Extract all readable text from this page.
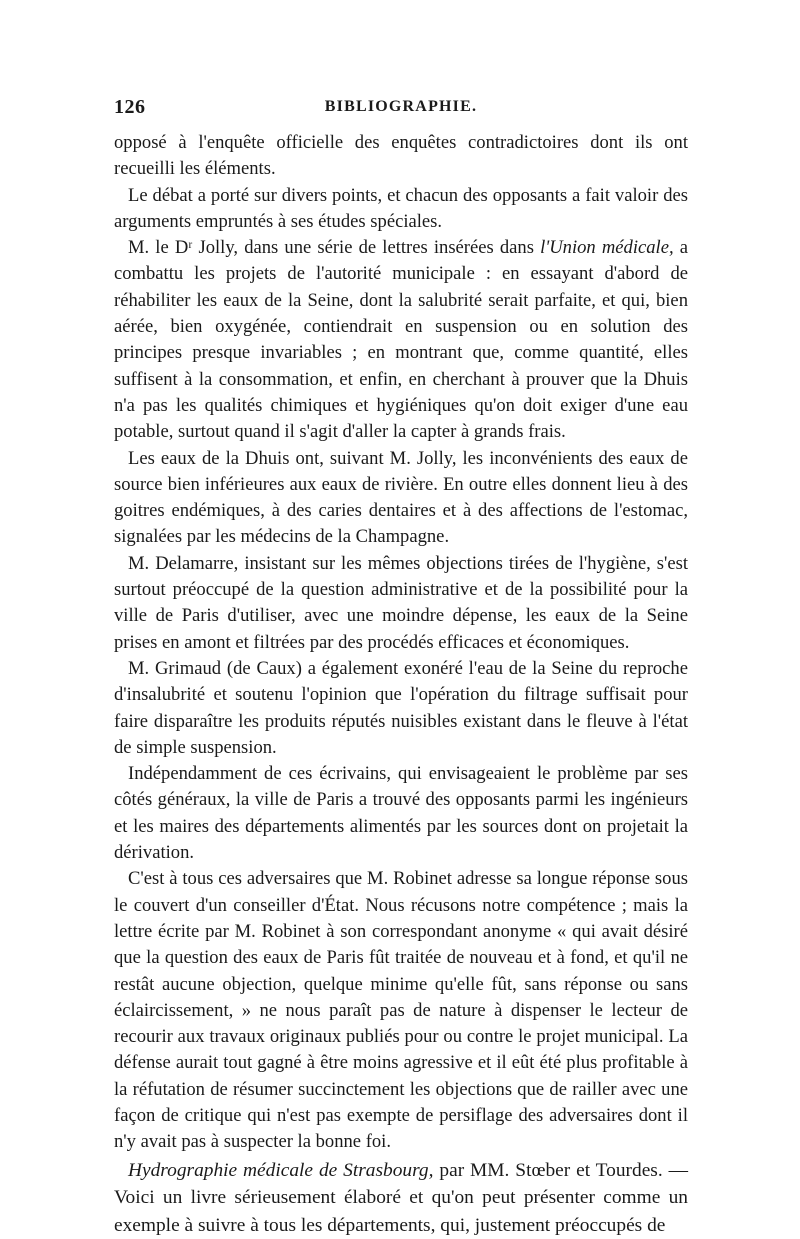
126	BIBLIOGRAPHIE.

opposé à l'enquête officielle des enquêtes contradictoires dont ils ont recueilli les éléments.

Le débat a porté sur divers points, et chacun des opposants a fait valoir des arguments empruntés à ses études spéciales.

M. le Dʳ Jolly, dans une série de lettres insérées dans l'Union médicale, a combattu les projets de l'autorité municipale : en essayant d'abord de réhabiliter les eaux de la Seine, dont la salubrité serait parfaite, et qui, bien aérée, bien oxygénée, contiendrait en suspension ou en solution des principes presque invariables ; en montrant que, comme quantité, elles suffisent à la consommation, et enfin, en cherchant à prouver que la Dhuis n'a pas les qualités chimiques et hygiéniques qu'on doit exiger d'une eau potable, surtout quand il s'agit d'aller la capter à grands frais.

Les eaux de la Dhuis ont, suivant M. Jolly, les inconvénients des eaux de source bien inférieures aux eaux de rivière. En outre elles donnent lieu à des goitres endémiques, à des caries dentaires et à des affections de l'estomac, signalées par les médecins de la Champagne.

M. Delamarre, insistant sur les mêmes objections tirées de l'hygiène, s'est surtout préoccupé de la question administrative et de la possibilité pour la ville de Paris d'utiliser, avec une moindre dépense, les eaux de la Seine prises en amont et filtrées par des procédés efficaces et économiques.

M. Grimaud (de Caux) a également exonéré l'eau de la Seine du reproche d'insalubrité et soutenu l'opinion que l'opération du filtrage suffisait pour faire disparaître les produits réputés nuisibles existant dans le fleuve à l'état de simple suspension.

Indépendamment de ces écrivains, qui envisageaient le problème par ses côtés généraux, la ville de Paris a trouvé des opposants parmi les ingénieurs et les maires des départements alimentés par les sources dont on projetait la dérivation.

C'est à tous ces adversaires que M. Robinet adresse sa longue réponse sous le couvert d'un conseiller d'État. Nous récusons notre compétence ; mais la lettre écrite par M. Robinet à son correspondant anonyme « qui avait désiré que la question des eaux de Paris fût traitée de nouveau et à fond, et qu'il ne restât aucune objection, quelque minime qu'elle fût, sans réponse ou sans éclaircissement, » ne nous paraît pas de nature à dispenser le lecteur de recourir aux travaux originaux publiés pour ou contre le projet municipal. La défense aurait tout gagné à être moins agressive et il eût été plus profitable à la réfutation de résumer succinctement les objections que de railler avec une façon de critique qui n'est pas exempte de persiflage des adversaires dont il n'y avait pas à suspecter la bonne foi.

Hydrographie médicale de Strasbourg, par MM. Stœber et Tourdes. — Voici un livre sérieusement élaboré et qu'on peut présenter comme un exemple à suivre à tous les départements, qui, justement préoccupés de
